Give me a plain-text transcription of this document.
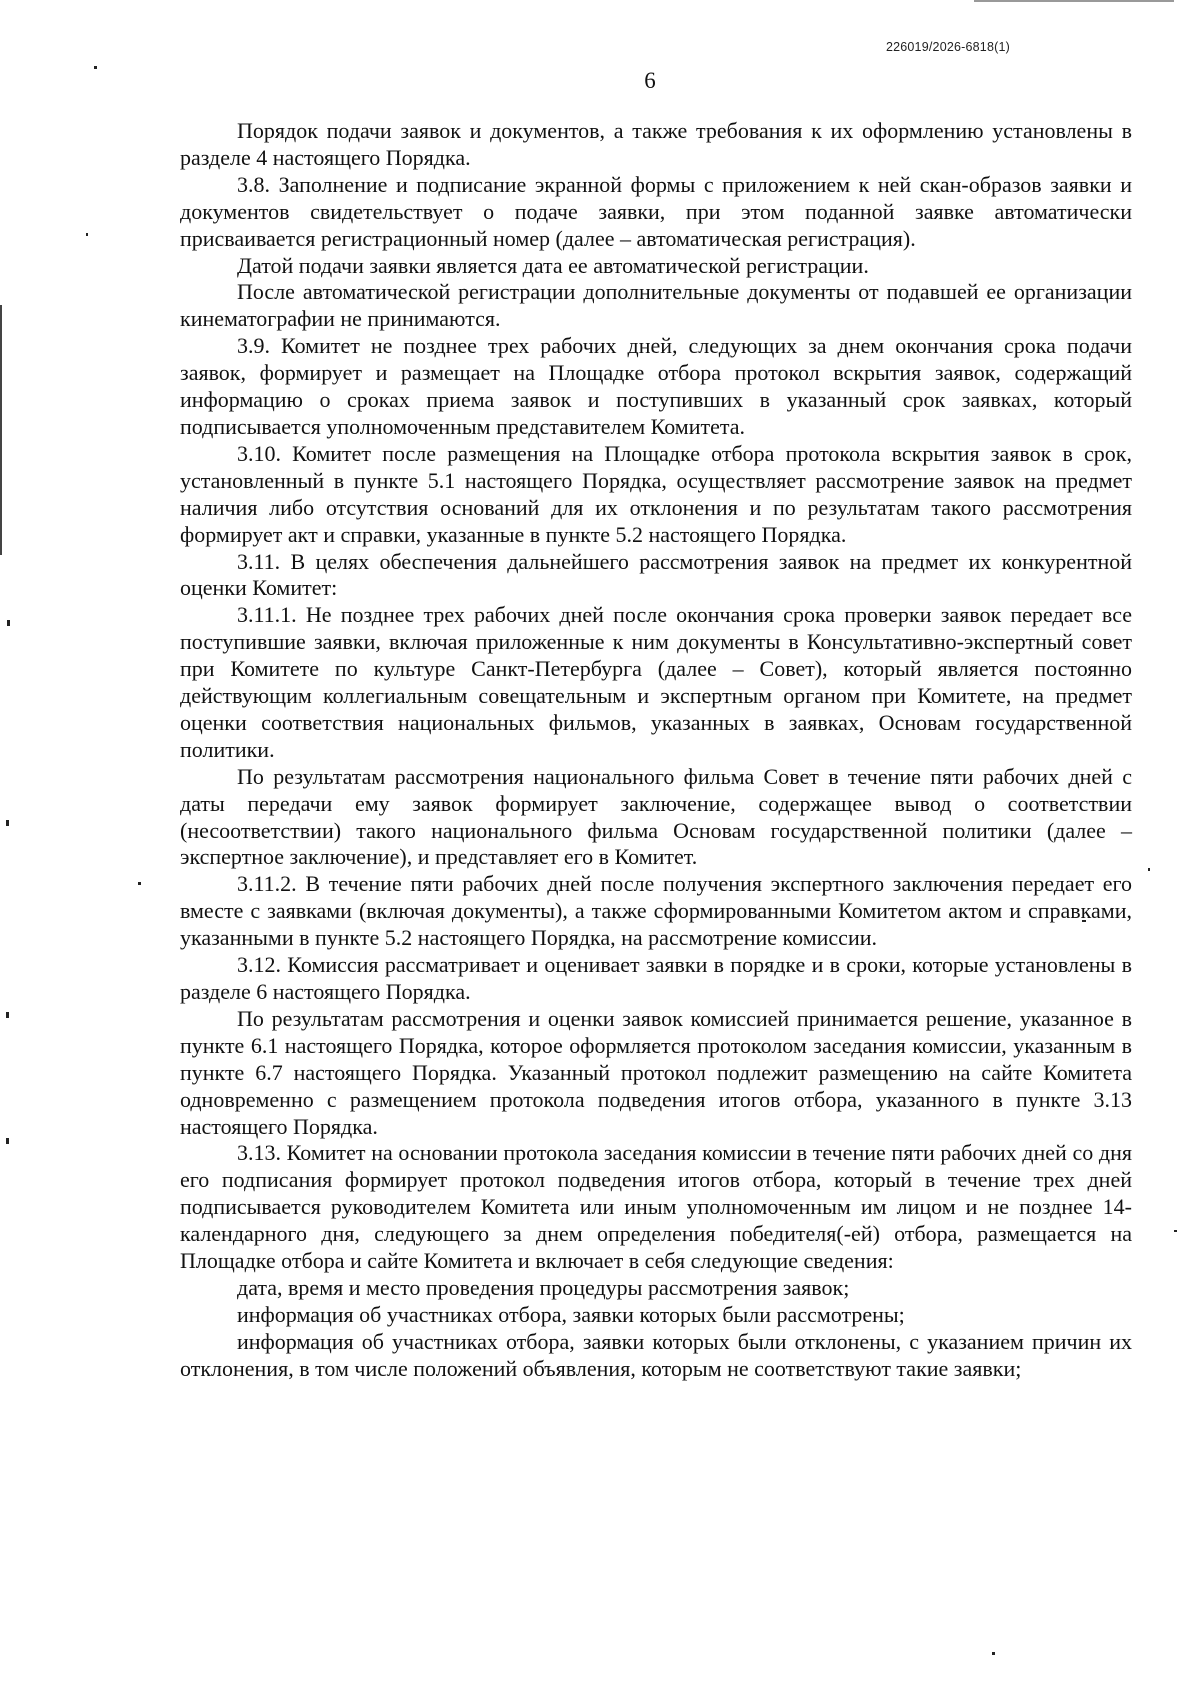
226019/2026-6818(1)
6

Порядок подачи заявок и документов, а также требования к их оформлению установлены в разделе 4 настоящего Порядка.

3.8. Заполнение и подписание экранной формы с приложением к ней скан-образов заявки и документов свидетельствует о подаче заявки, при этом поданной заявке автоматически присваивается регистрационный номер (далее – автоматическая регистрация).

Датой подачи заявки является дата ее автоматической регистрации.

После автоматической регистрации дополнительные документы от подавшей ее организации кинематографии не принимаются.

3.9. Комитет не позднее трех рабочих дней, следующих за днем окончания срока подачи заявок, формирует и размещает на Площадке отбора протокол вскрытия заявок, содержащий информацию о сроках приема заявок и поступивших в указанный срок заявках, который подписывается уполномоченным представителем Комитета.

3.10. Комитет после размещения на Площадке отбора протокола вскрытия заявок в срок, установленный в пункте 5.1 настоящего Порядка, осуществляет рассмотрение заявок на предмет наличия либо отсутствия оснований для их отклонения и по результатам такого рассмотрения формирует акт и справки, указанные в пункте 5.2 настоящего Порядка.

3.11. В целях обеспечения дальнейшего рассмотрения заявок на предмет их конкурентной оценки Комитет:

3.11.1. Не позднее трех рабочих дней после окончания срока проверки заявок передает все поступившие заявки, включая приложенные к ним документы в Консультативно-экспертный совет при Комитете по культуре Санкт-Петербурга (далее – Совет), который является постоянно действующим коллегиальным совещательным и экспертным органом при Комитете, на предмет оценки соответствия национальных фильмов, указанных в заявках, Основам государственной политики.

По результатам рассмотрения национального фильма Совет в течение пяти рабочих дней с даты передачи ему заявок формирует заключение, содержащее вывод о соответствии (несоответствии) такого национального фильма Основам государственной политики (далее – экспертное заключение), и представляет его в Комитет.

3.11.2. В течение пяти рабочих дней после получения экспертного заключения передает его вместе с заявками (включая документы), а также сформированными Комитетом актом и справками, указанными в пункте 5.2 настоящего Порядка, на рассмотрение комиссии.

3.12. Комиссия рассматривает и оценивает заявки в порядке и в сроки, которые установлены в разделе 6 настоящего Порядка.

По результатам рассмотрения и оценки заявок комиссией принимается решение, указанное в пункте 6.1 настоящего Порядка, которое оформляется протоколом заседания комиссии, указанным в пункте 6.7 настоящего Порядка. Указанный протокол подлежит размещению на сайте Комитета одновременно с размещением протокола подведения итогов отбора, указанного в пункте 3.13 настоящего Порядка.

3.13. Комитет на основании протокола заседания комиссии в течение пяти рабочих дней со дня его подписания формирует протокол подведения итогов отбора, который в течение трех дней подписывается руководителем Комитета или иным уполномоченным им лицом и не позднее 14-календарного дня, следующего за днем определения победителя(-ей) отбора, размещается на Площадке отбора и сайте Комитета и включает в себя следующие сведения:

дата, время и место проведения процедуры рассмотрения заявок;

информация об участниках отбора, заявки которых были рассмотрены;

информация об участниках отбора, заявки которых были отклонены, с указанием причин их отклонения, в том числе положений объявления, которым не соответствуют такие заявки;
